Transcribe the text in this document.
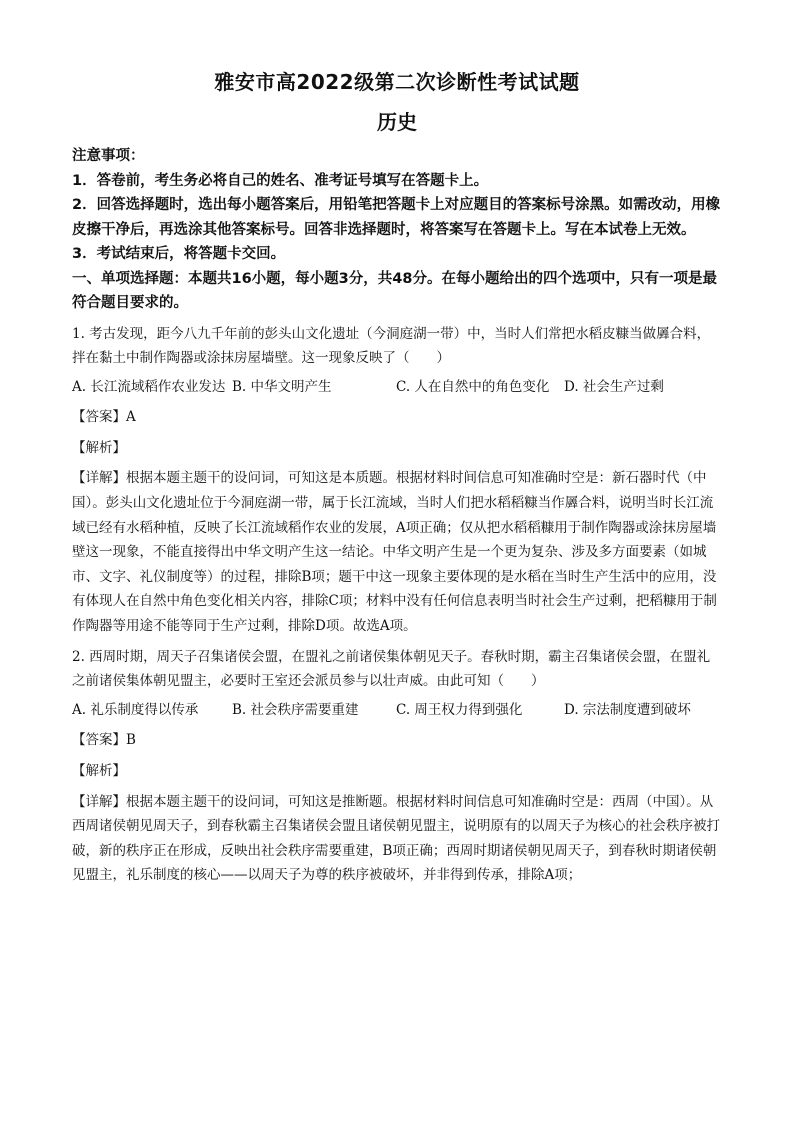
雅安市高2022级第二次诊断性考试试题
历史

注意事项：

1．答卷前，考生务必将自己的姓名、准考证号填写在答题卡上。

2．回答选择题时，选出每小题答案后，用铅笔把答题卡上对应题目的答案标号涂黑。如需改动，用橡皮擦干净后，再选涂其他答案标号。回答非选择题时，将答案写在答题卡上。写在本试卷上无效。

3．考试结束后，将答题卡交回。

一、单项选择题：本题共16小题，每小题3分，共48分。在每小题给出的四个选项中，只有一项是最符合题目要求的。

1. 考古发现，距今八九千年前的彭头山文化遗址（今洞庭湖一带）中，当时人们常把水稻皮糠当做羼合料，拌在黏土中制作陶器或涂抹房屋墙壁。这一现象反映了（　　）

A. 长江流域稻作农业发达 B. 中华文明产生	C. 人在自然中的角色变化	D. 社会生产过剩

【答案】A

【解析】

【详解】根据本题主题干的设问词，可知这是本质题。根据材料时间信息可知准确时空是：新石器时代（中国）。彭头山文化遗址位于今洞庭湖一带，属于长江流域，当时人们把水稻稻糠当作羼合料，说明当时长江流域已经有水稻种植，反映了长江流域稻作农业的发展，A项正确；仅从把水稻稻糠用于制作陶器或涂抹房屋墙壁这一现象，不能直接得出中华文明产生这一结论。中华文明产生是一个更为复杂、涉及多方面要素（如城市、文字、礼仪制度等）的过程，排除B项；题干中这一现象主要体现的是水稻在当时生产生活中的应用，没有体现人在自然中角色变化相关内容，排除C项；材料中没有任何信息表明当时社会生产过剩，把稻糠用于制作陶器等用途不能等同于生产过剩，排除D项。故选A项。

2. 西周时期，周天子召集诸侯会盟，在盟礼之前诸侯集体朝见天子。春秋时期，霸主召集诸侯会盟，在盟礼之前诸侯集体朝见盟主，必要时王室还会派员参与以壮声威。由此可知（　　）

A. 礼乐制度得以传承	B. 社会秩序需要重建	C. 周王权力得到强化	D. 宗法制度遭到破坏

【答案】B

【解析】

【详解】根据本题主题干的设问词，可知这是推断题。根据材料时间信息可知准确时空是：西周（中国）。从西周诸侯朝见周天子，到春秋霸主召集诸侯会盟且诸侯朝见盟主，说明原有的以周天子为核心的社会秩序被打破，新的秩序正在形成，反映出社会秩序需要重建，B项正确；西周时期诸侯朝见周天子，到春秋时期诸侯朝见盟主，礼乐制度的核心——以周天子为尊的秩序被破坏，并非得到传承，排除A项；
